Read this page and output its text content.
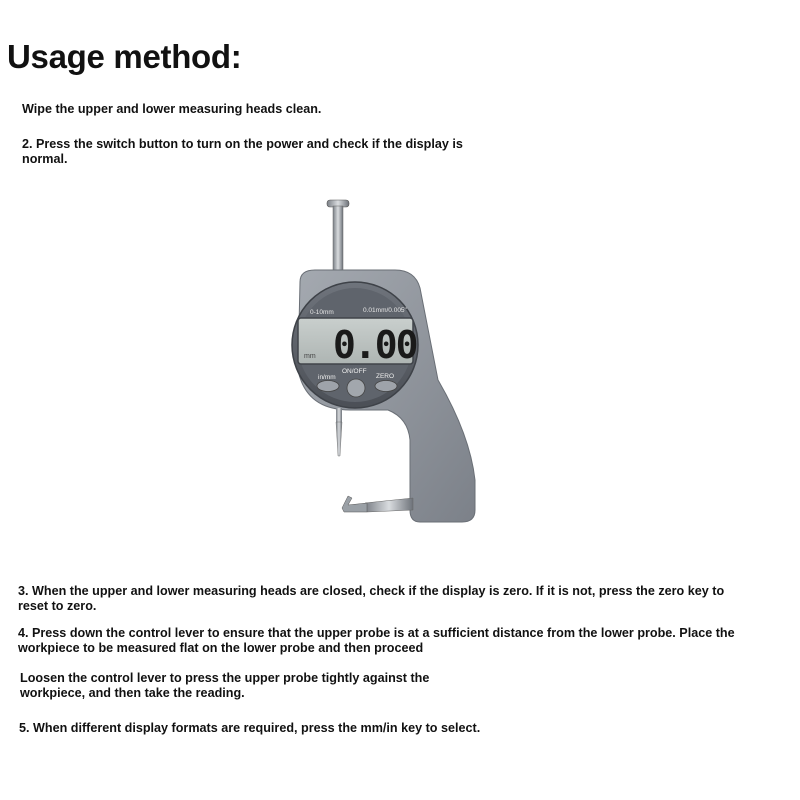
Usage method:

Wipe the upper and lower measuring heads clean.

2. Press the switch button to turn on the power and check if the display is normal.

3. When the upper and lower measuring heads are closed, check if the display is zero. If it is not, press the zero key to reset to zero.

4. Press down the control lever to ensure that the upper probe is at a sufficient distance from the lower probe. Place the workpiece to be measured flat on the lower probe and then proceed

Loosen the control lever to press the upper probe tightly against the workpiece, and then take the reading.

5. When different display formats are required, press the mm/in key to select.

0-10mm	0.01mm/0.005"
mm 0.00
in/mm
ON/OFF
ZERO
